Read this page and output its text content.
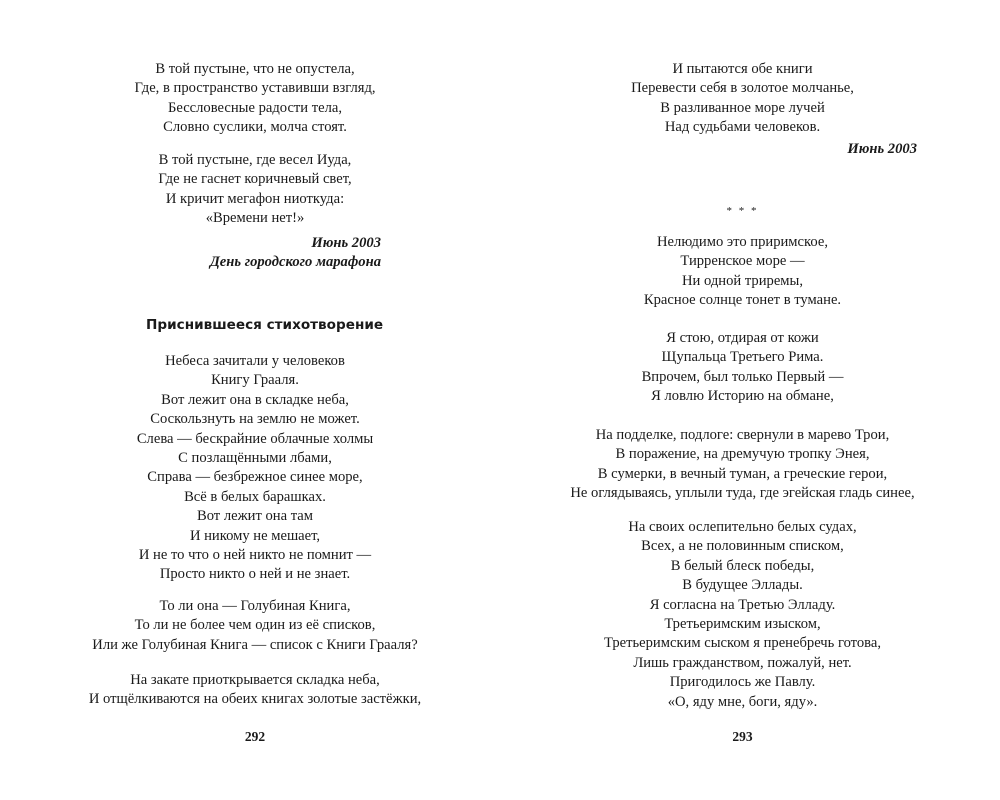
В той пустыне, что не опустела,
Где, в пространство уставивши взгляд,
Бессловесные радости тела,
Словно суслики, молча стоят.
В той пустыне, где весел Иуда,
Где не гаснет коричневый свет,
И кричит мегафон ниоткуда:
«Времени нет!»
Июнь 2003
День городского марафона
Приснившееся стихотворение
Небеса зачитали у человеков
Книгу Грааля.
Вот лежит она в складке неба,
Соскользнуть на землю не может.
Слева — бескрайние облачные холмы
С позлащёнными лбами,
Справа — безбрежное синее море,
Всё в белых барашках.
Вот лежит она там
И никому не мешает,
И не то что о ней никто не помнит —
Просто никто о ней и не знает.
То ли она — Голубиная Книга,
То ли не более чем один из её списков,
Или же Голубиная Книга — список с Книги Грааля?
На закате приоткрывается складка неба,
И отщёлкиваются на обеих книгах золотые застёжки,
292
И пытаются обе книги
Перевести себя в золотое молчанье,
В разливанное море лучей
Над судьбами человеков.
Июнь 2003
* * *
Нелюдимо это приримское,
Тирренское море —
Ни одной триремы,
Красное солнце тонет в тумане.
Я стою, отдирая от кожи
Щупальца Третьего Рима.
Впрочем, был только Первый —
Я ловлю Историю на обмане,
На подделке, подлоге: свернули в марево Трои,
В поражение, на дремучую тропку Энея,
В сумерки, в вечный туман, а греческие герои,
Не оглядываясь, уплыли туда, где эгейская гладь синее,
На своих ослепительно белых судах,
Всех, а не половинным списком,
В белый блеск победы,
В будущее Эллады.
Я согласна на Третью Элладу.
Третьеримским изыском,
Третьеримским сыском я пренебречь готова,
Лишь гражданством, пожалуй, нет.
Пригодилось же Павлу.
«О, яду мне, боги, яду».
293
